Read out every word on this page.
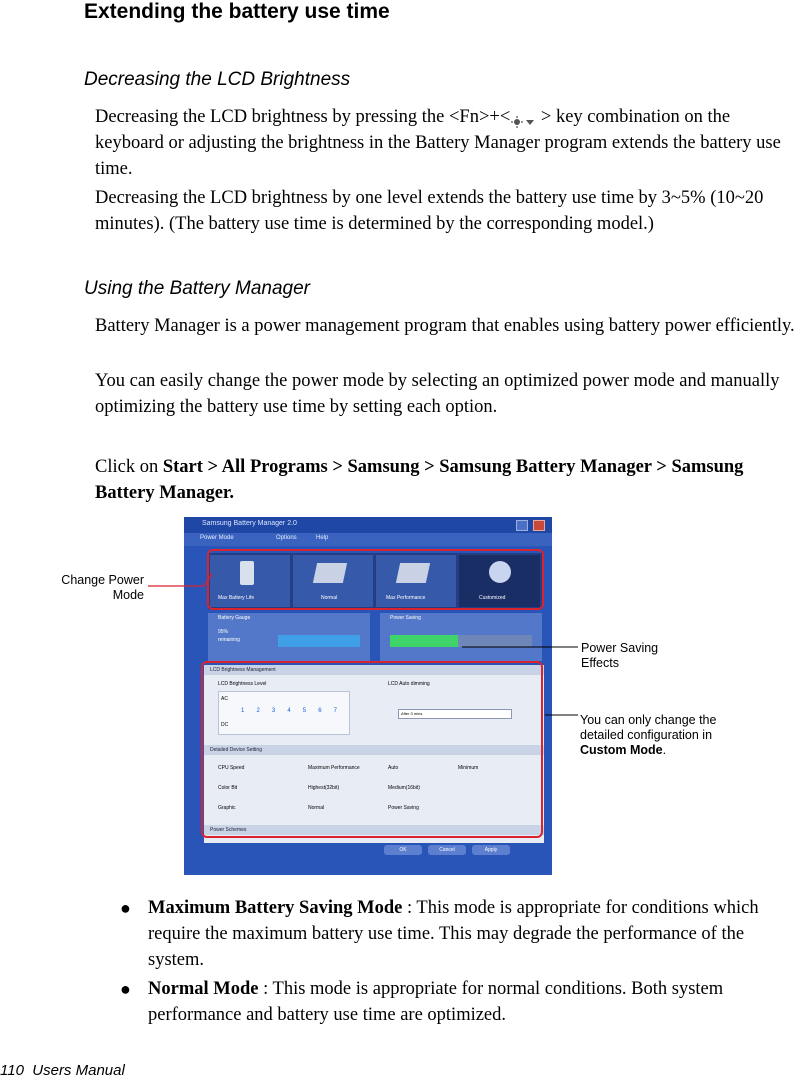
Extending the battery use time
Decreasing the LCD Brightness

Decreasing the LCD brightness by pressing the <Fn>+< > key combination on the keyboard or adjusting the brightness in the Battery Manager program extends the battery use time.

Decreasing the LCD brightness by one level extends the battery use time by 3~5% (10~20 minutes). (The battery use time is determined by the corresponding model.)

Using the Battery Manager

Battery Manager is a power management program that enables using battery power efficiently.

You can easily change the power mode by selecting an optimized power mode and manually optimizing the battery use time by setting each option.

Click on Start > All Programs > Samsung > Samsung Battery Manager > Samsung Battery Manager.

Samsung Battery Manager 2.0
Power Mode	Options	Help
Max Battery Life	Normal	Max Performance	Customized
Battery Gauge
95%
remaining
Power Saving
LCD Brightness Management
LCD Brightness Level	LCD Auto dimming
AC
DC
1 2 3 4 5 6 7	After 3 mins
Detailed Device Setting
CPU Speed	Maximum Performance	Auto	Minimum
Color Bit	Highest(32bit)	Medium(16bit)
Graphic	Normal	Power Saving
Power Schemes
OK	Cancel	Apply
Change Power
Mode
Power Saving
Effects
You can only change the
detailed configuration in
Custom Mode.
● Maximum Battery Saving Mode : This mode is appropriate for conditions which require the maximum battery use time. This may degrade the performance of the system.
● Normal Mode : This mode is appropriate for normal conditions. Both system performance and battery use time are optimized.
110 Users Manual
